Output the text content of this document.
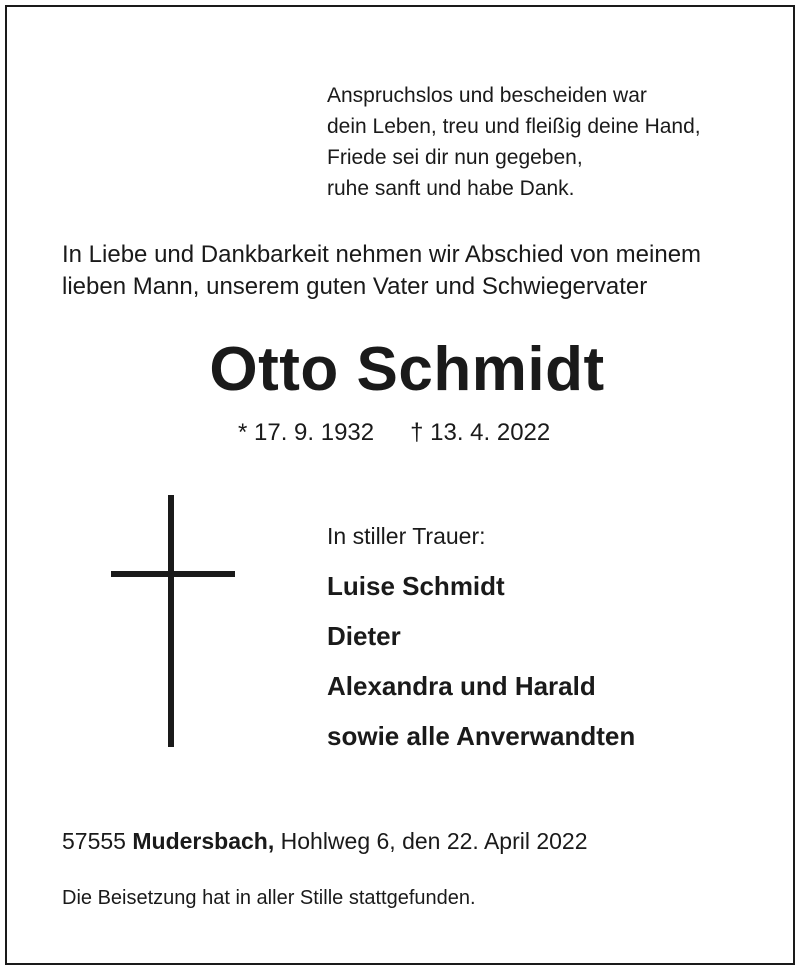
Anspruchslos und bescheiden war
dein Leben, treu und fleißig deine Hand,
Friede sei dir nun gegeben,
ruhe sanft und habe Dank.
In Liebe und Dankbarkeit nehmen wir Abschied von meinem
lieben Mann, unserem guten Vater und Schwiegervater
Otto Schmidt
* 17. 9. 1932 † 13. 4. 2022
In stiller Trauer:
Luise Schmidt
Dieter
Alexandra und Harald
sowie alle Anverwandten
57555 Mudersbach, Hohlweg 6, den 22. April 2022
Die Beisetzung hat in aller Stille stattgefunden.
